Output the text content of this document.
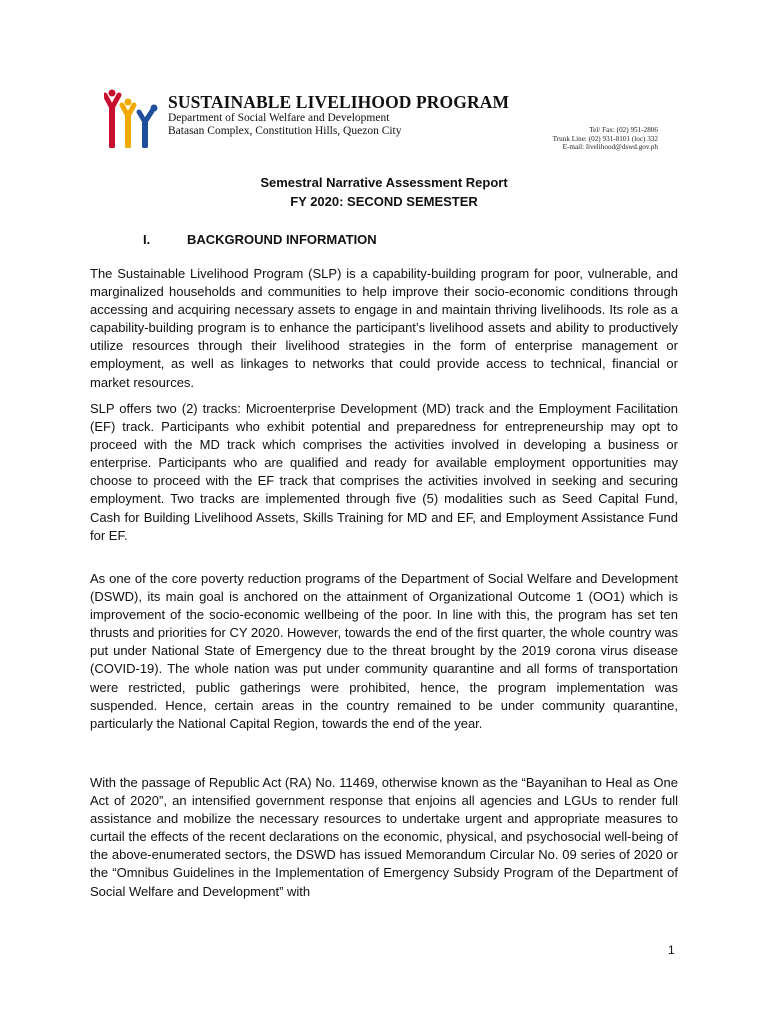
SUSTAINABLE LIVELIHOOD PROGRAM
Department of Social Welfare and Development
Batasan Complex, Constitution Hills, Quezon City	Tel/ Fax: (02) 951-2806
Trunk Line: (02) 931-8101 (loc) 332
E-mail: livelihood@dswd.gov.ph
Semestral Narrative Assessment Report
FY 2020: SECOND SEMESTER
I.	BACKGROUND INFORMATION
The Sustainable Livelihood Program (SLP) is a capability-building program for poor, vulnerable, and marginalized households and communities to help improve their socio-economic conditions through accessing and acquiring necessary assets to engage in and maintain thriving livelihoods. Its role as a capability-building program is to enhance the participant’s livelihood assets and ability to productively utilize resources through their livelihood strategies in the form of enterprise management or employment, as well as linkages to networks that could provide access to technical, financial or market resources.
SLP offers two (2) tracks: Microenterprise Development (MD) track and the Employment Facilitation (EF) track. Participants who exhibit potential and preparedness for entrepreneurship may opt to proceed with the MD track which comprises the activities involved in developing a business or enterprise. Participants who are qualified and ready for available employment opportunities may choose to proceed with the EF track that comprises the activities involved in seeking and securing employment. Two tracks are implemented through five (5) modalities such as Seed Capital Fund, Cash for Building Livelihood Assets, Skills Training for MD and EF, and Employment Assistance Fund for EF.
As one of the core poverty reduction programs of the Department of Social Welfare and Development (DSWD), its main goal is anchored on the attainment of Organizational Outcome 1 (OO1) which is improvement of the socio-economic wellbeing of the poor. In line with this, the program has set ten thrusts and priorities for CY 2020. However, towards the end of the first quarter, the whole country was put under National State of Emergency due to the threat brought by the 2019 corona virus disease (COVID-19). The whole nation was put under community quarantine and all forms of transportation were restricted, public gatherings were prohibited, hence, the program implementation was suspended. Hence, certain areas in the country remained to be under community quarantine, particularly the National Capital Region, towards the end of the year.
With the passage of Republic Act (RA) No. 11469, otherwise known as the “Bayanihan to Heal as One Act of 2020”, an intensified government response that enjoins all agencies and LGUs to render full assistance and mobilize the necessary resources to undertake urgent and appropriate measures to curtail the effects of the recent declarations on the economic, physical, and psychosocial well-being of the above-enumerated sectors, the DSWD has issued Memorandum Circular No. 09 series of 2020 or the “Omnibus Guidelines in the Implementation of Emergency Subsidy Program of the Department of Social Welfare and Development” with
1
